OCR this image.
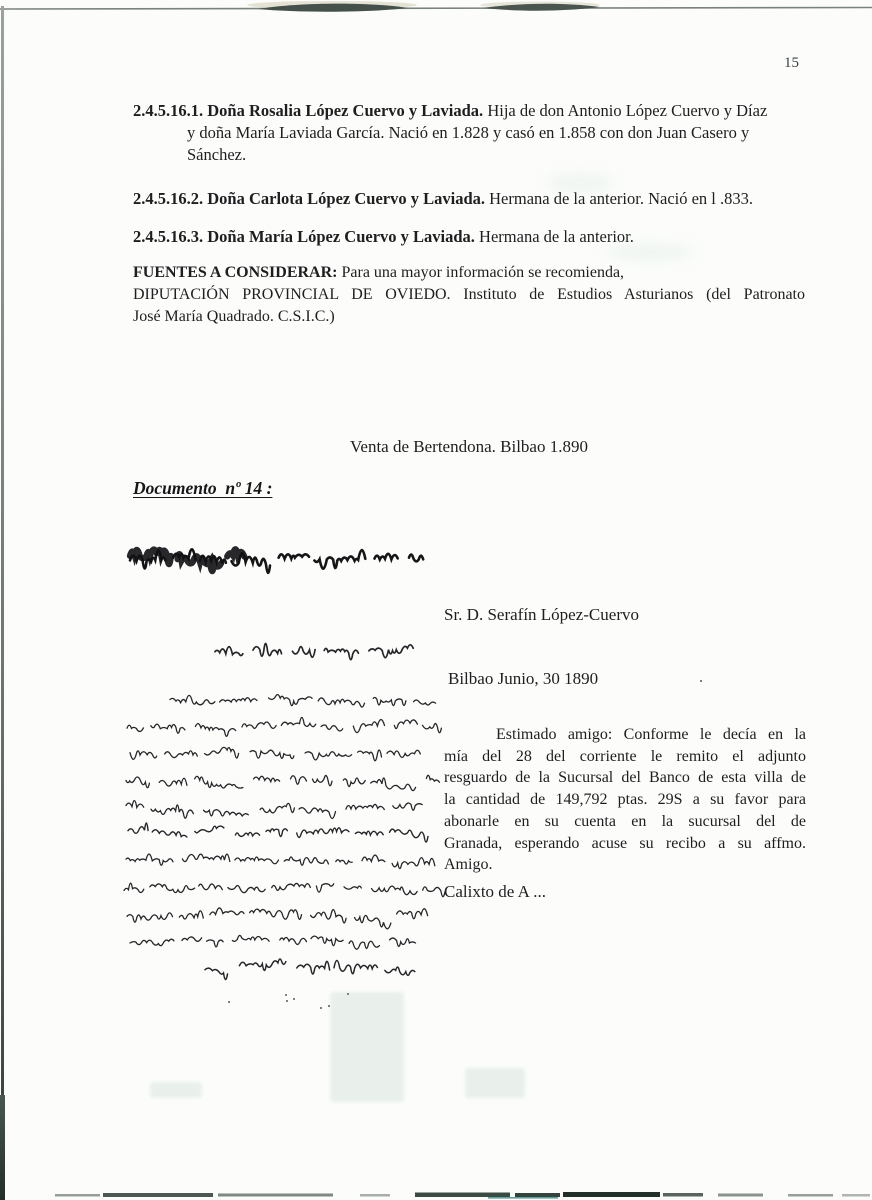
15
2.4.5.16.1. Doña Rosalia López Cuervo y Laviada. Hija de don Antonio López Cuervo y Díaz
y doña María Laviada García. Nació en 1.828 y casó en 1.858 con don Juan Casero y
Sánchez.
2.4.5.16.2. Doña Carlota López Cuervo y Laviada. Hermana de la anterior. Nació en l .833.
2.4.5.16.3. Doña María López Cuervo y Laviada. Hermana de la anterior.
FUENTES A CONSIDERAR: Para una mayor información se recomienda,
DIPUTACIÓN PROVINCIAL DE OVIEDO. Instituto de Estudios Asturianos (del Patronato
José María Quadrado. C.S.I.C.)
Venta de Bertendona. Bilbao 1.890
Documento  nº 14 :
Sr. D. Serafín López-Cuervo
Bilbao Junio, 30 1890
Estimado amigo: Conforme le decía en la
mía del 28 del corriente le remito el adjunto
resguardo de la Sucursal del Banco de esta villa de
la cantidad de 149,792 ptas. 29S a su favor para
abonarle en su cuenta en la sucursal del de
Granada, esperando acuse su recibo a su affmo.
Amigo.
Calixto de A ...
